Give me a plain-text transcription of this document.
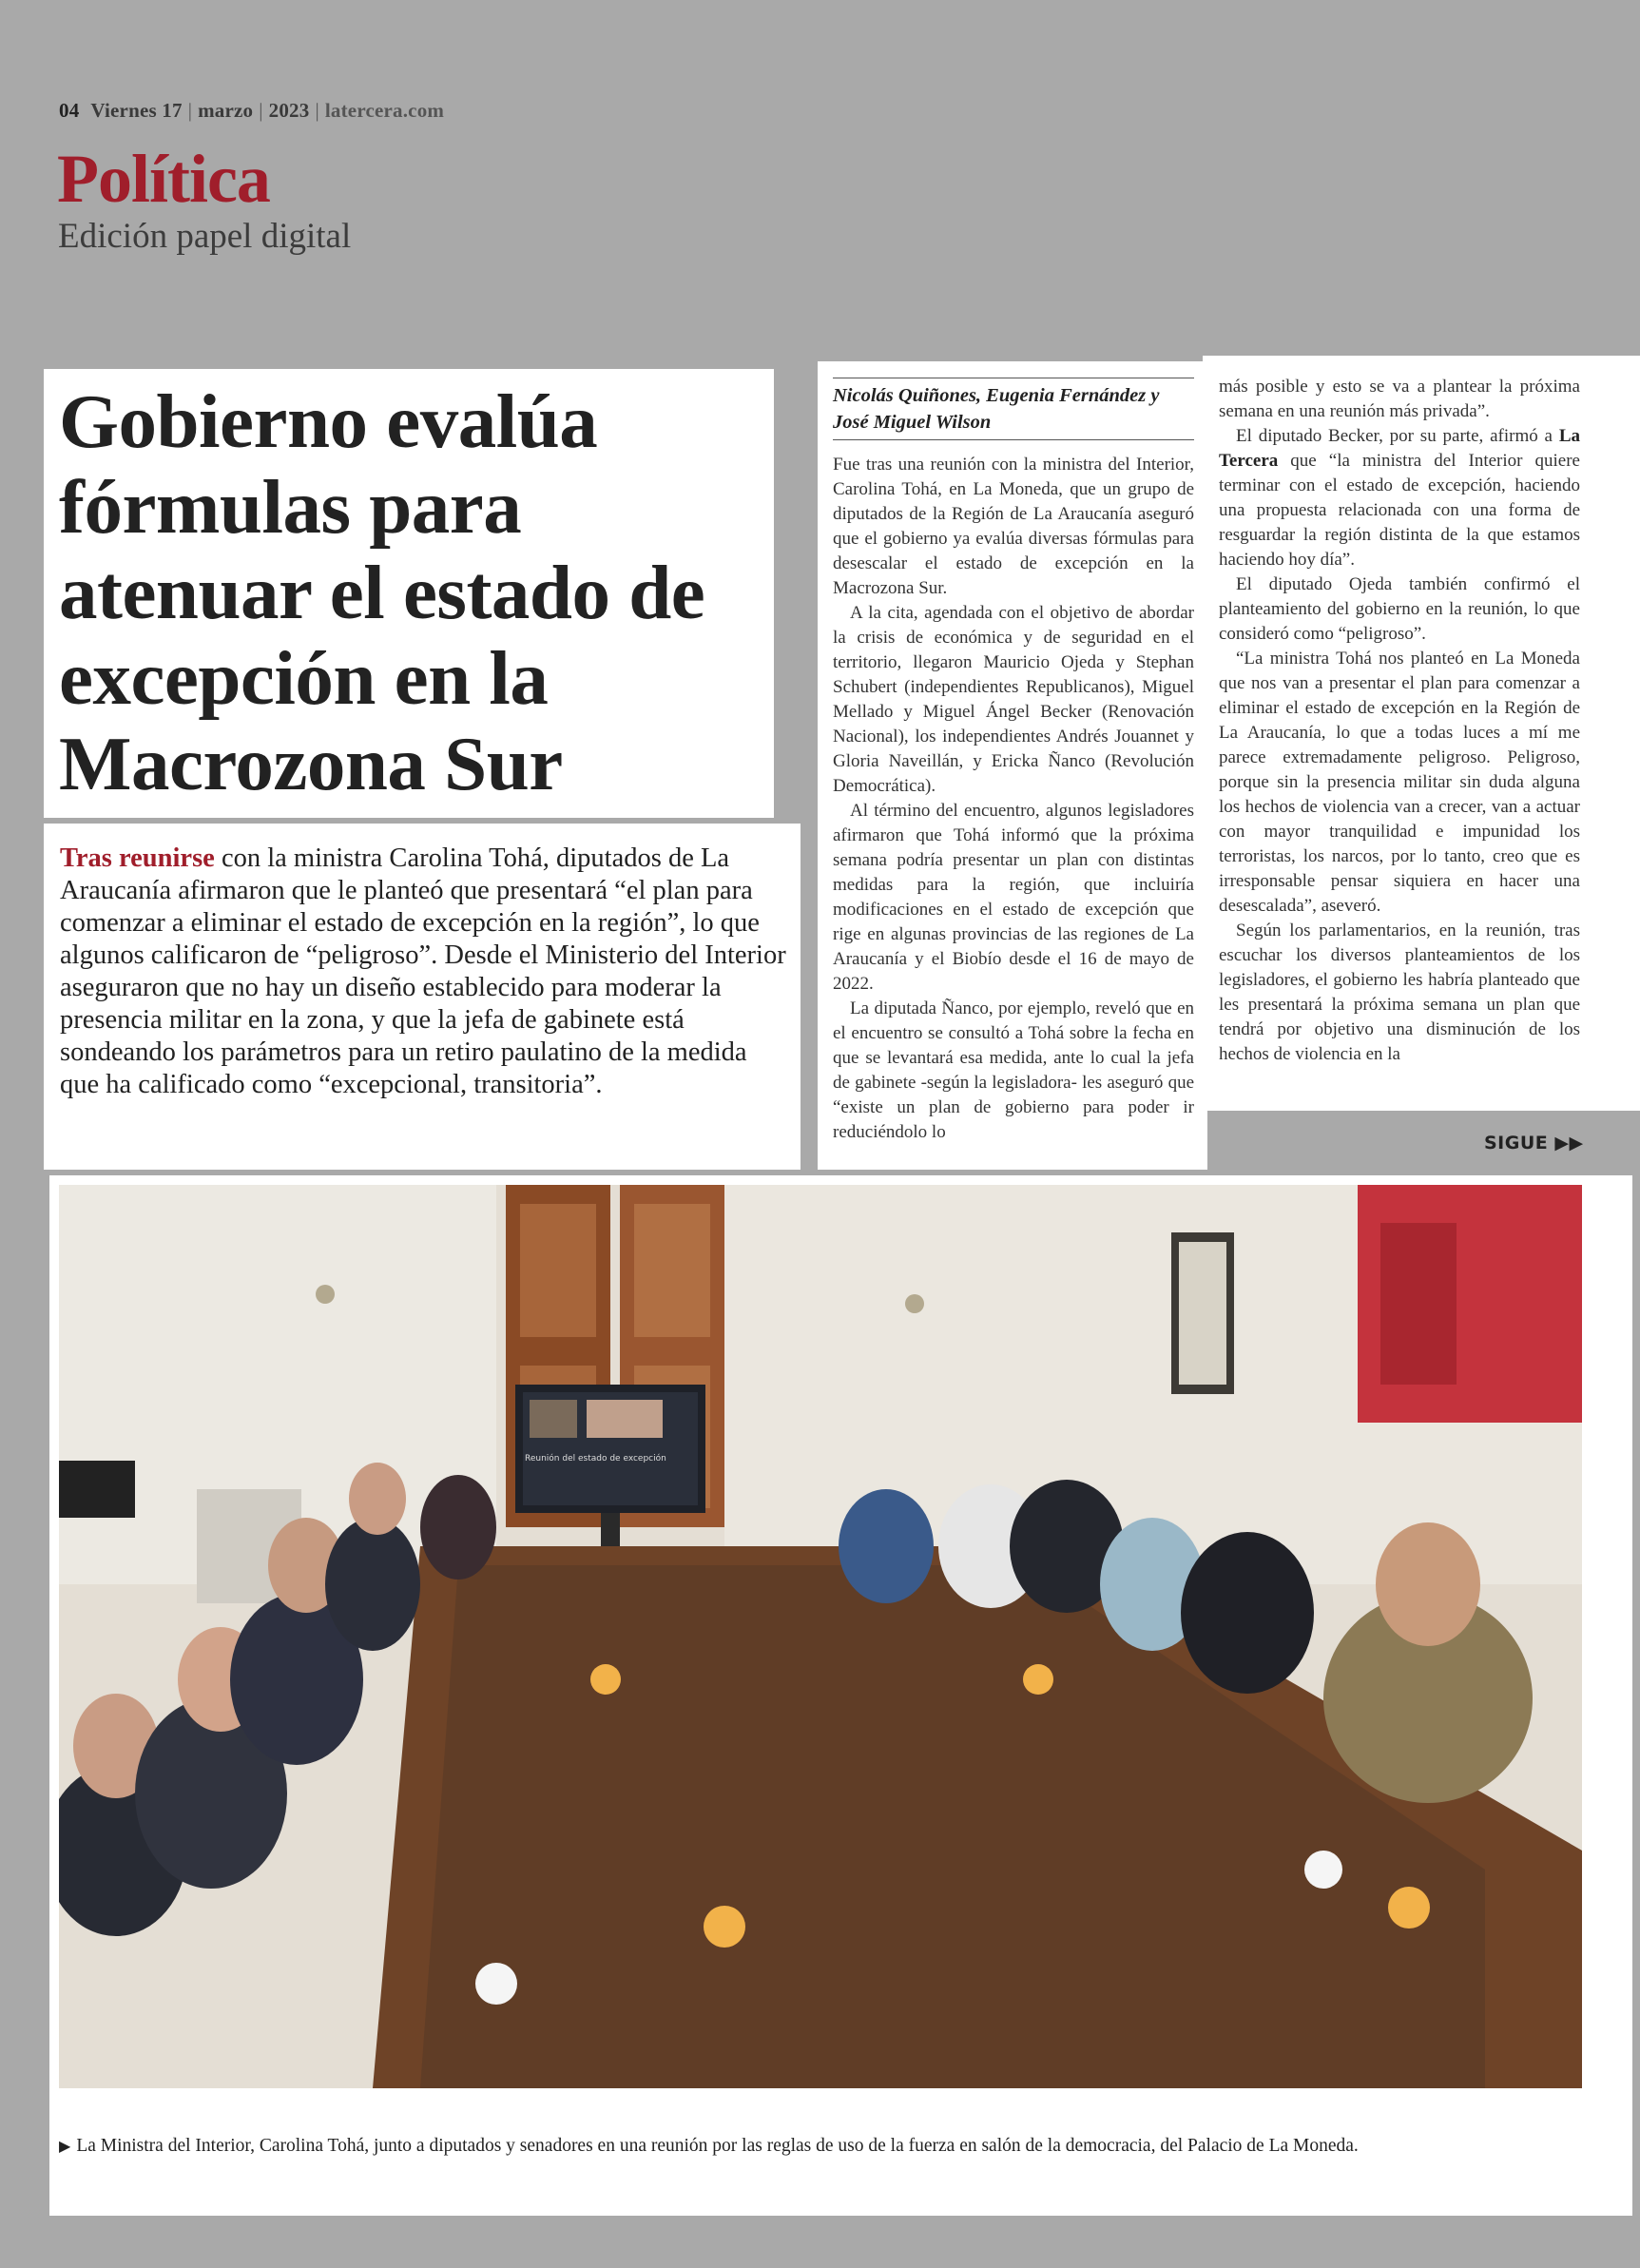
04 Viernes 17 | marzo | 2023 | latercera.com
Política
Edición papel digital
Gobierno evalúa fórmulas para atenuar el estado de excepción en la Macrozona Sur

Tras reunirse con la ministra Carolina Tohá, diputados de La Araucanía afirmaron que le planteó que presentará “el plan para comenzar a eliminar el estado de excepción en la región”, lo que algunos calificaron de “peligroso”. Desde el Ministerio del Interior aseguraron que no hay un diseño establecido para moderar la presencia militar en la zona, y que la jefa de gabinete está sondeando los parámetros para un retiro paulatino de la medida que ha calificado como “excepcional, transitoria”.

Nicolás Quiñones, Eugenia Fernández y José Miguel Wilson

Fue tras una reunión con la ministra del Interior, Carolina Tohá, en La Moneda, que un grupo de diputados de la Región de La Araucanía aseguró que el gobierno ya evalúa diversas fórmulas para desescalar el estado de excepción en la Macrozona Sur.

A la cita, agendada con el objetivo de abordar la crisis de económica y de seguridad en el territorio, llegaron Mauricio Ojeda y Stephan Schubert (independientes Republicanos), Miguel Mellado y Miguel Ángel Becker (Renovación Nacional), los independientes Andrés Jouannet y Gloria Naveillán, y Ericka Ñanco (Revolución Democrática).

Al término del encuentro, algunos legisladores afirmaron que Tohá informó que la próxima semana podría presentar un plan con distintas medidas para la región, que incluiría modificaciones en el estado de excepción que rige en algunas provincias de las regiones de La Araucanía y el Biobío desde el 16 de mayo de 2022.

La diputada Ñanco, por ejemplo, reveló que en el encuentro se consultó a Tohá sobre la fecha en que se levantará esa medida, ante lo cual la jefa de gabinete -según la legisladora- les aseguró que “existe un plan de gobierno para poder ir reduciéndolo lo

más posible y esto se va a plantear la próxima semana en una reunión más privada”.

El diputado Becker, por su parte, afirmó a La Tercera que “la ministra del Interior quiere terminar con el estado de excepción, haciendo una propuesta relacionada con una forma de resguardar la región distinta de la que estamos haciendo hoy día”.

El diputado Ojeda también confirmó el planteamiento del gobierno en la reunión, lo que consideró como “peligroso”.

“La ministra Tohá nos planteó en La Moneda que nos van a presentar el plan para comenzar a eliminar el estado de excepción en la Región de La Araucanía, lo que a todas luces a mí me parece extremadamente peligroso. Peligroso, porque sin la presencia militar sin duda alguna los hechos de violencia van a crecer, van a actuar con mayor tranquilidad e impunidad los terroristas, los narcos, por lo tanto, creo que es irresponsable pensar siquiera en hacer una desescalada”, aseveró.

Según los parlamentarios, en la reunión, tras escuchar los diversos planteamientos de los legisladores, el gobierno les habría planteado que les presentará la próxima semana un plan que tendrá por objetivo una disminución de los hechos de violencia en la

SIGUE ▶▶
Reunión del estado de excepción

▶ La Ministra del Interior, Carolina Tohá, junto a diputados y senadores en una reunión por las reglas de uso de la fuerza en salón de la democracia, del Palacio de La Moneda.
